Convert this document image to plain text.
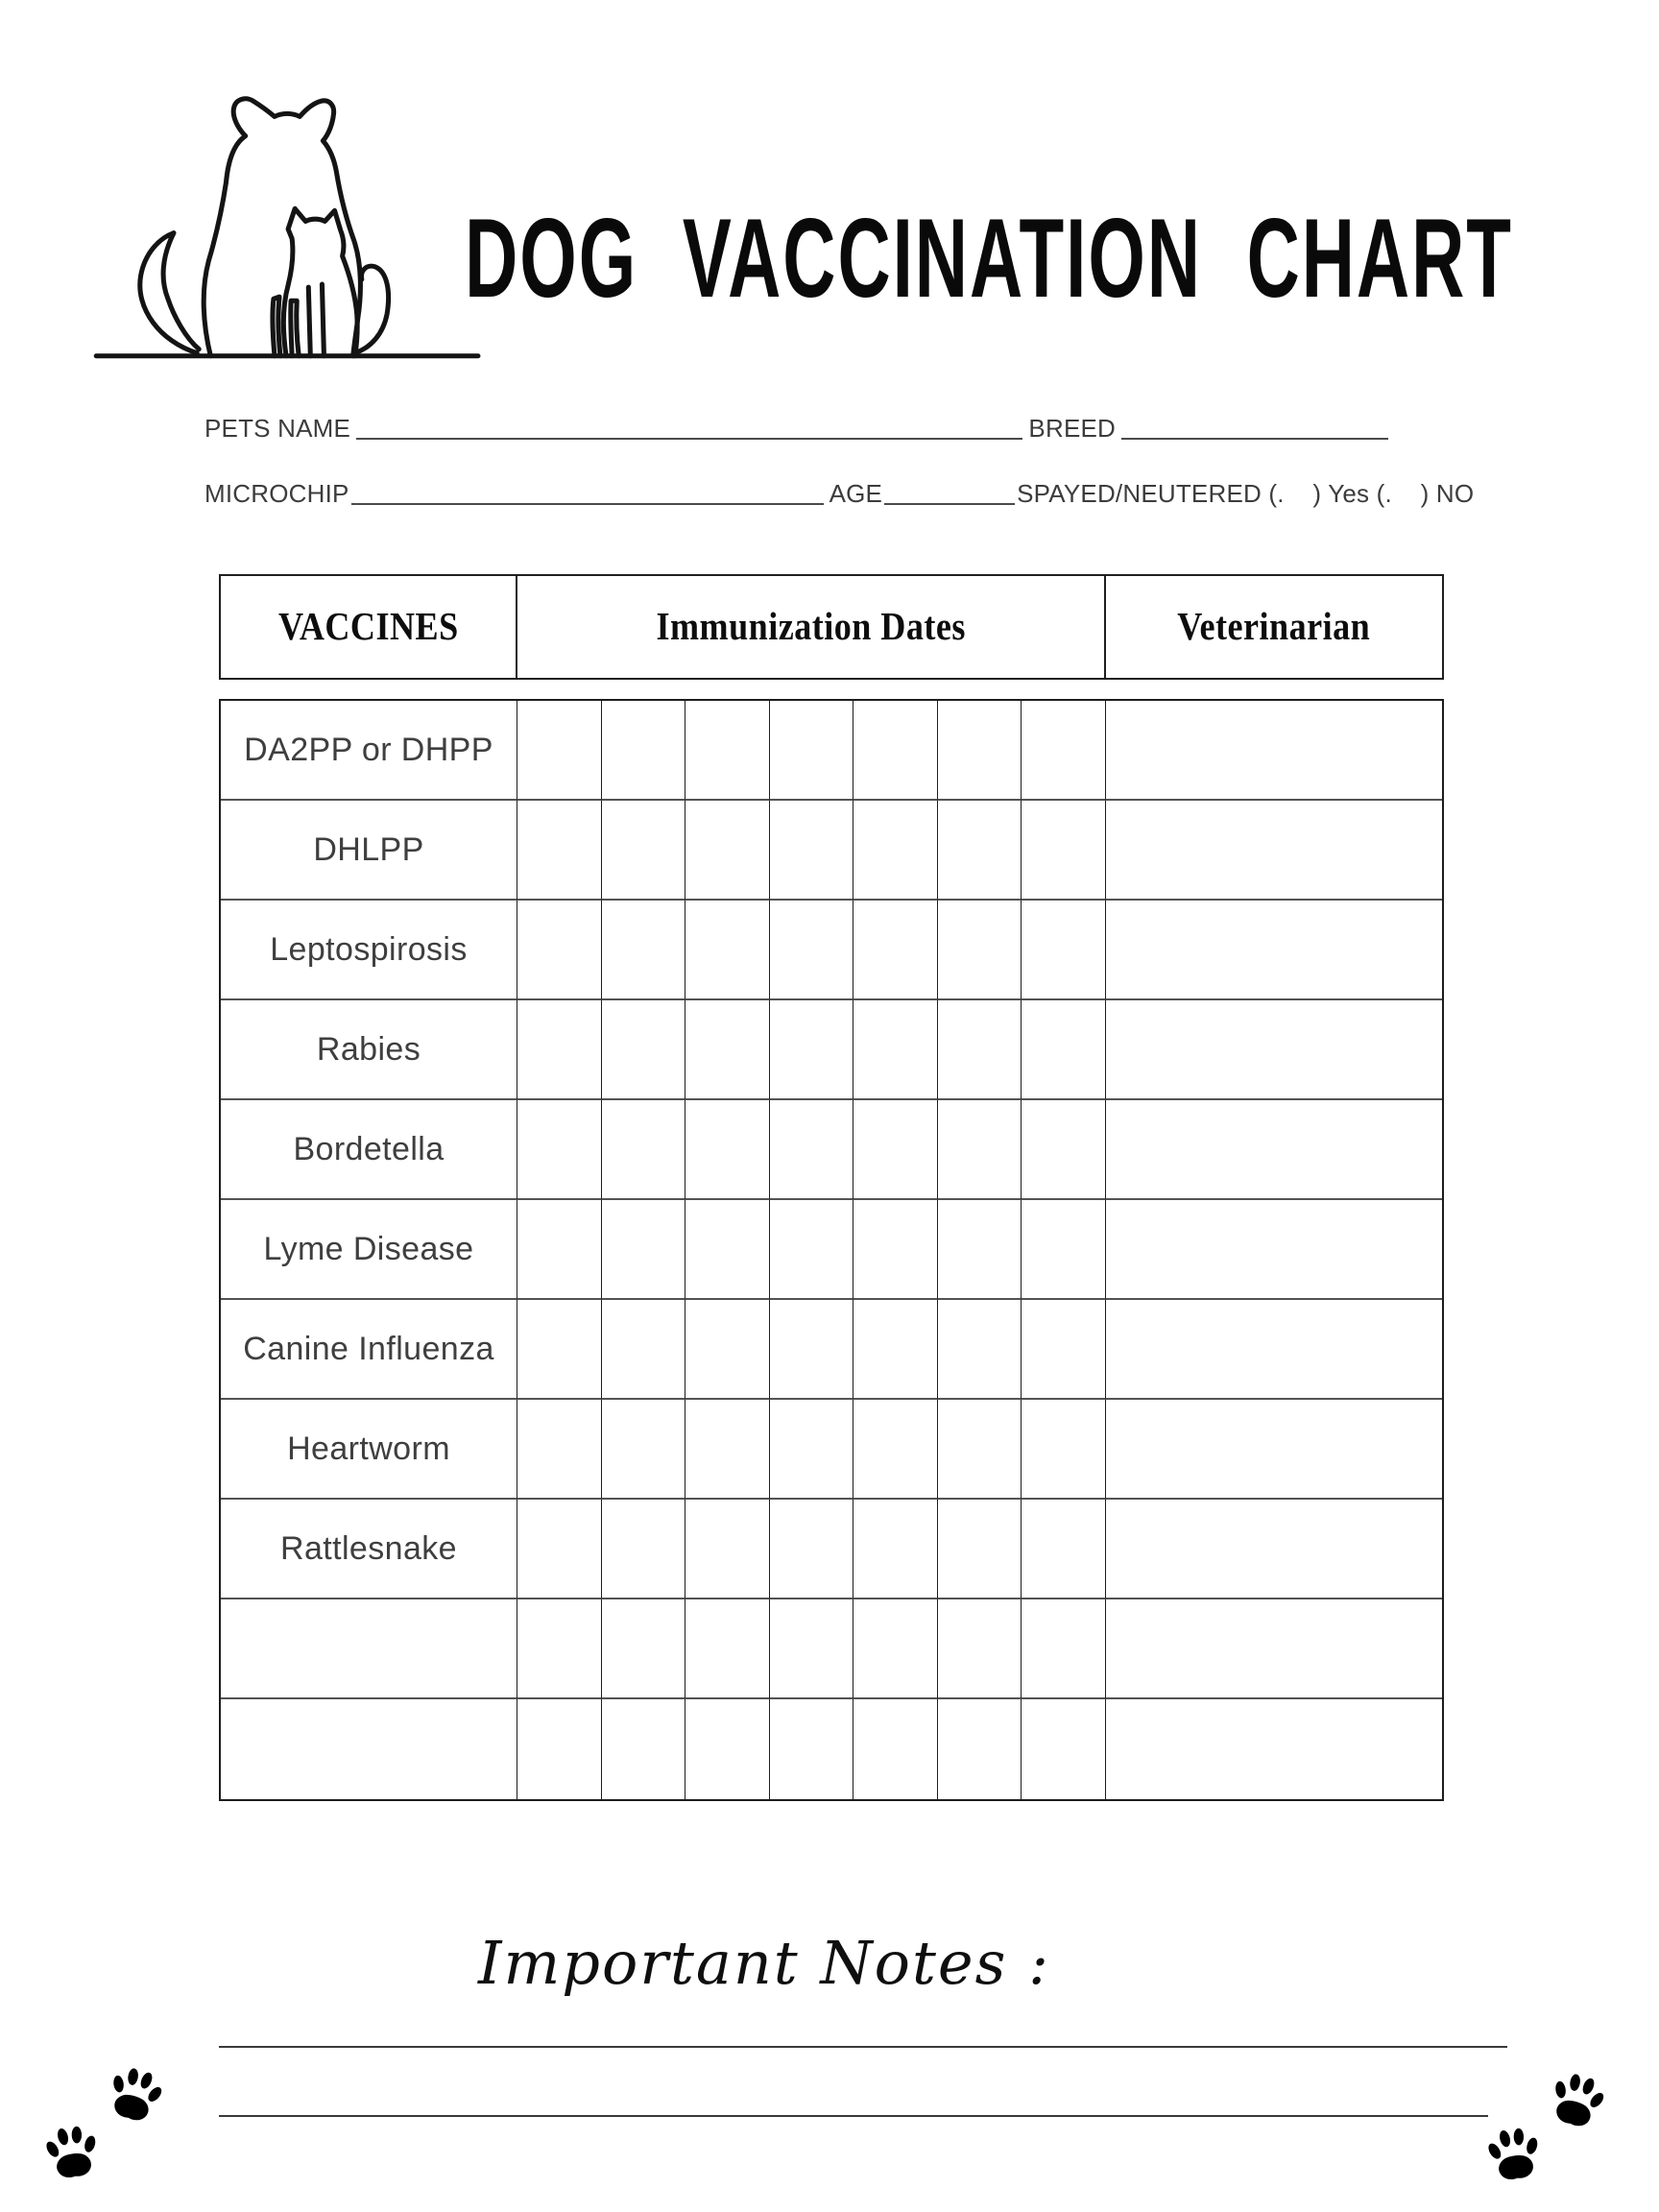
DOG VACCINATION CHART
PETS NAME	BREED
MICROCHIP	AGE	SPAYED/NEUTERED
(.    ) Yes
(.    ) NO
VACCINES	Immunization Dates	Veterinarian
DA2PP or DHPP								
DHLPP								
Leptospirosis								
Rabies								
Bordetella								
Lyme Disease								
Canine Influenza								
Heartworm								
Rattlesnake								

Important Notes :
